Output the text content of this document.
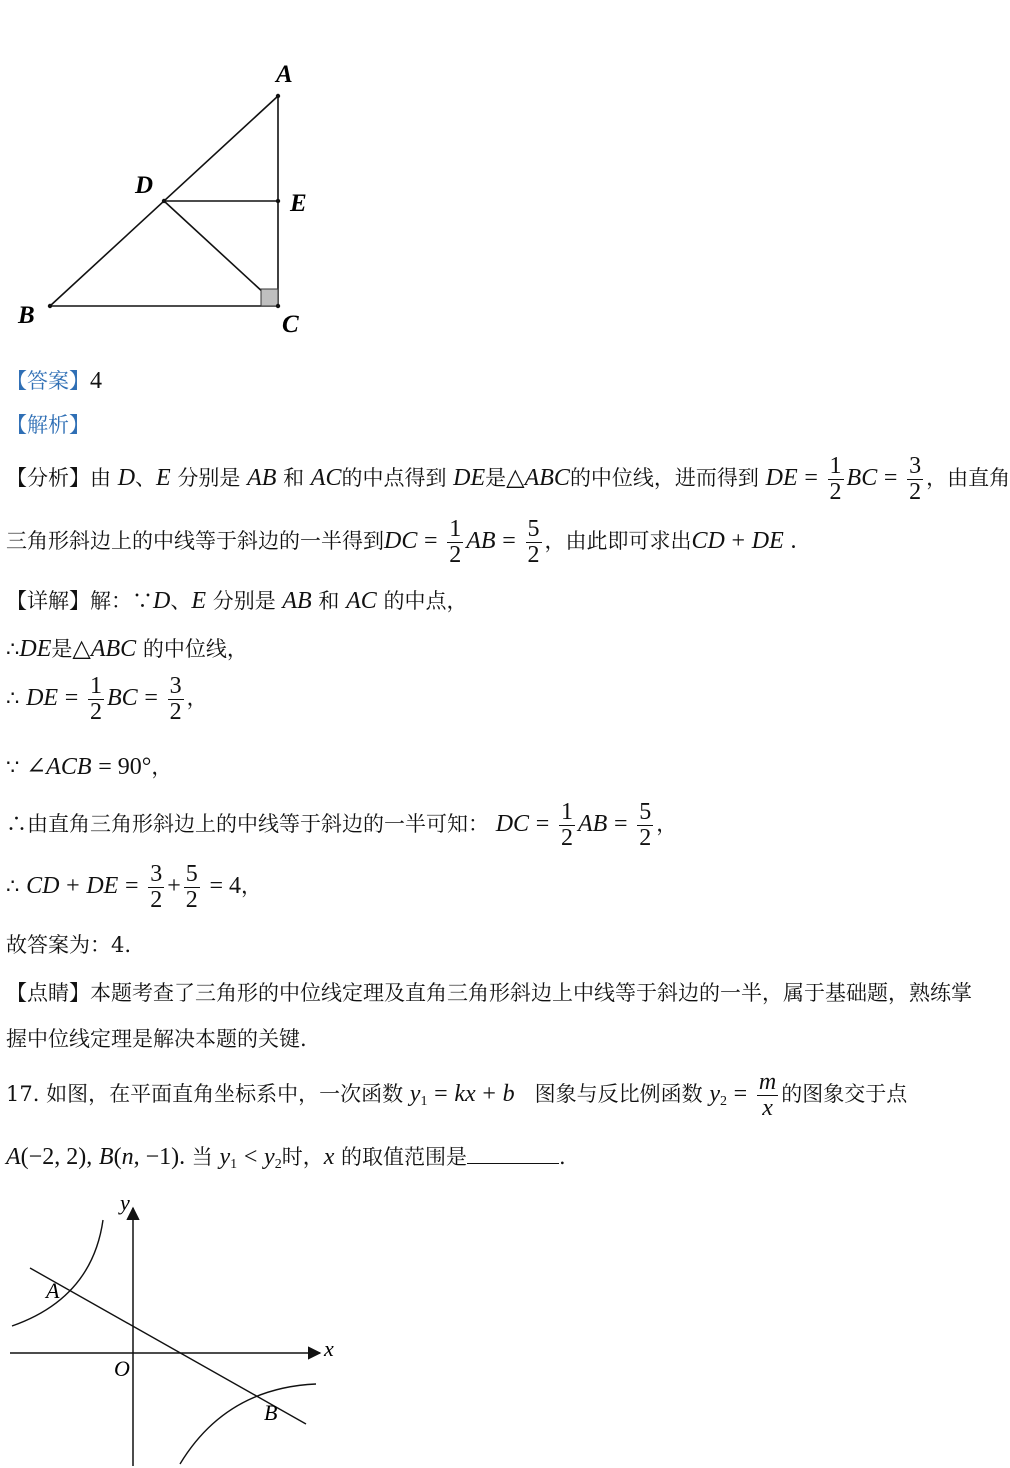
A
D
E
B	C
【答案】4
【解析】
【分析】由 D、E 分别是 AB 和 AC的中点得到 DE是△ABC的中位线，进而得到 DE = $\frac{1}{2}$ BC = $\frac{3}{2}$ ，由直角
三角形斜边上的中线等于斜边的一半得到DC = $\frac{1}{2}$ AB = $\frac{5}{2}$ ，由此即可求出CD + DE .
【详解】解：∵D、E 分别是 AB 和 AC 的中点，
∴DE是△ABC 的中位线，
∴ DE = $\frac{1}{2}$ BC = $\frac{3}{2}$ ，
∵ ∠ACB = 90°，
∴由直角三角形斜边上的中线等于斜边的一半可知： DC = $\frac{1}{2}$ AB = $\frac{5}{2}$ ，
∴ CD + DE = $\frac{3}{2} + \frac{5}{2} = 4$，
故答案为：4.
【点睛】本题考查了三角形的中位线定理及直角三角形斜边上中线等于斜边的一半，属于基础题，熟练掌
握中位线定理是解决本题的关键.
17. 如图，在平面直角坐标系中，一次函数 $y_1$ = kx + b 图象与反比例函数 $y_2 = \frac{m}{x}$ 的图象交于点
A(−2, 2), B(n, −1). 当 $y_1 < y_2$时，x 的取值范围是	.
y
x
O
A
B
